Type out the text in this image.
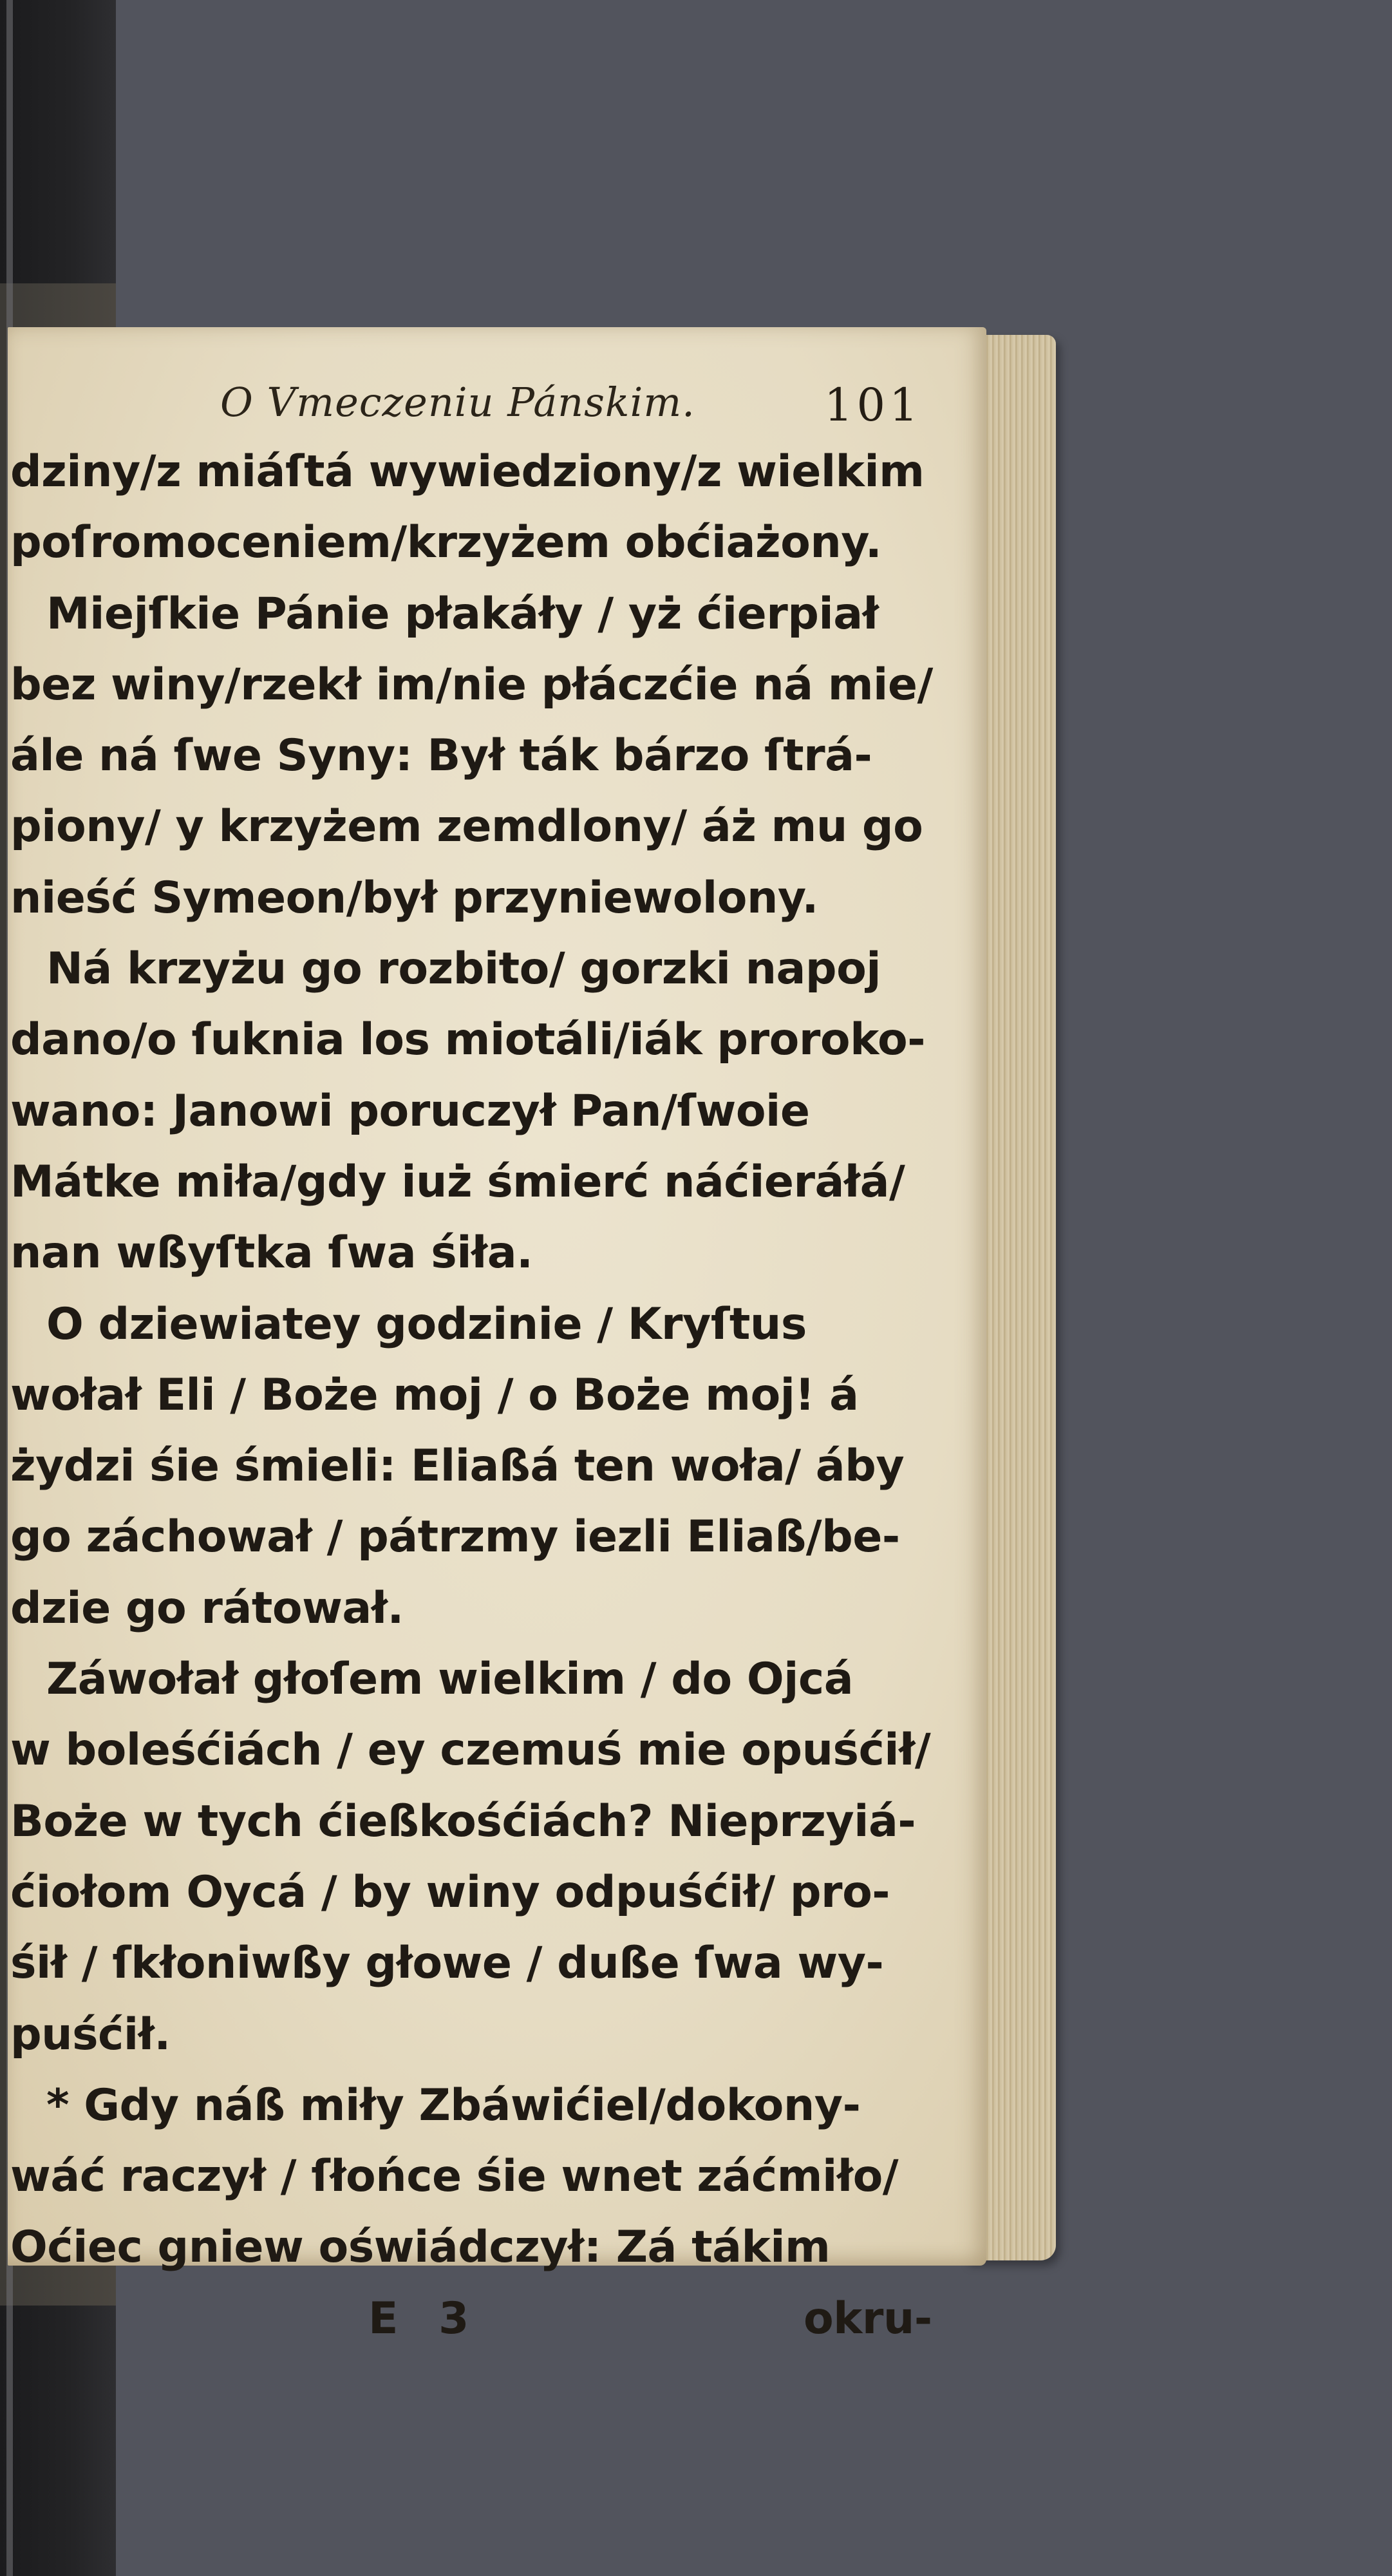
O Vmeczeniu Pánskim.	101
dziny/z miáſtá wywiedziony/z wielkim
poſromoceniem/krzyżem obćiażony.
Miejſkie Pánie płakáły / yż ćierpiał
bez winy/rzekł im/nie płáczćie ná mie/
ále ná ſwe Syny: Był ták bárzo ſtrá-
piony/ y krzyżem zemdlony/ áż mu go
nieść Symeon/był przyniewolony.
Ná krzyżu go rozbito/ gorzki napoj
dano/o ſuknia los miotáli/iák proroko-
wano: Janowi poruczył Pan/ſwoie
Mátke miła/gdy iuż śmierć náćieráłá/
nan wßyſtka ſwa śiła.
O dziewiatey godzinie / Kryſtus
wołał Eli / Boże moj / o Boże moj! á
żydzi śie śmieli: Eliaßá ten woła/ áby
go záchował / pátrzmy iezli Eliaß/be-
dzie go rátował.
Záwołał głoſem wielkim / do Ojcá
w boleśćiách / ey czemuś mie opuśćił/
Boże w tych ćießkośćiách? Nieprzyiá-
ćiołom Oycá / by winy odpuśćił/ pro-
śił / ſkłoniwßy głowe / duße ſwa wy-
puśćił.
* Gdy náß miły Zbáwićiel/dokony-
wáć raczył / ſłońce śie wnet záćmiło/
Oćiec gniew oświádczył: Zá tákim
E 3	okru-
